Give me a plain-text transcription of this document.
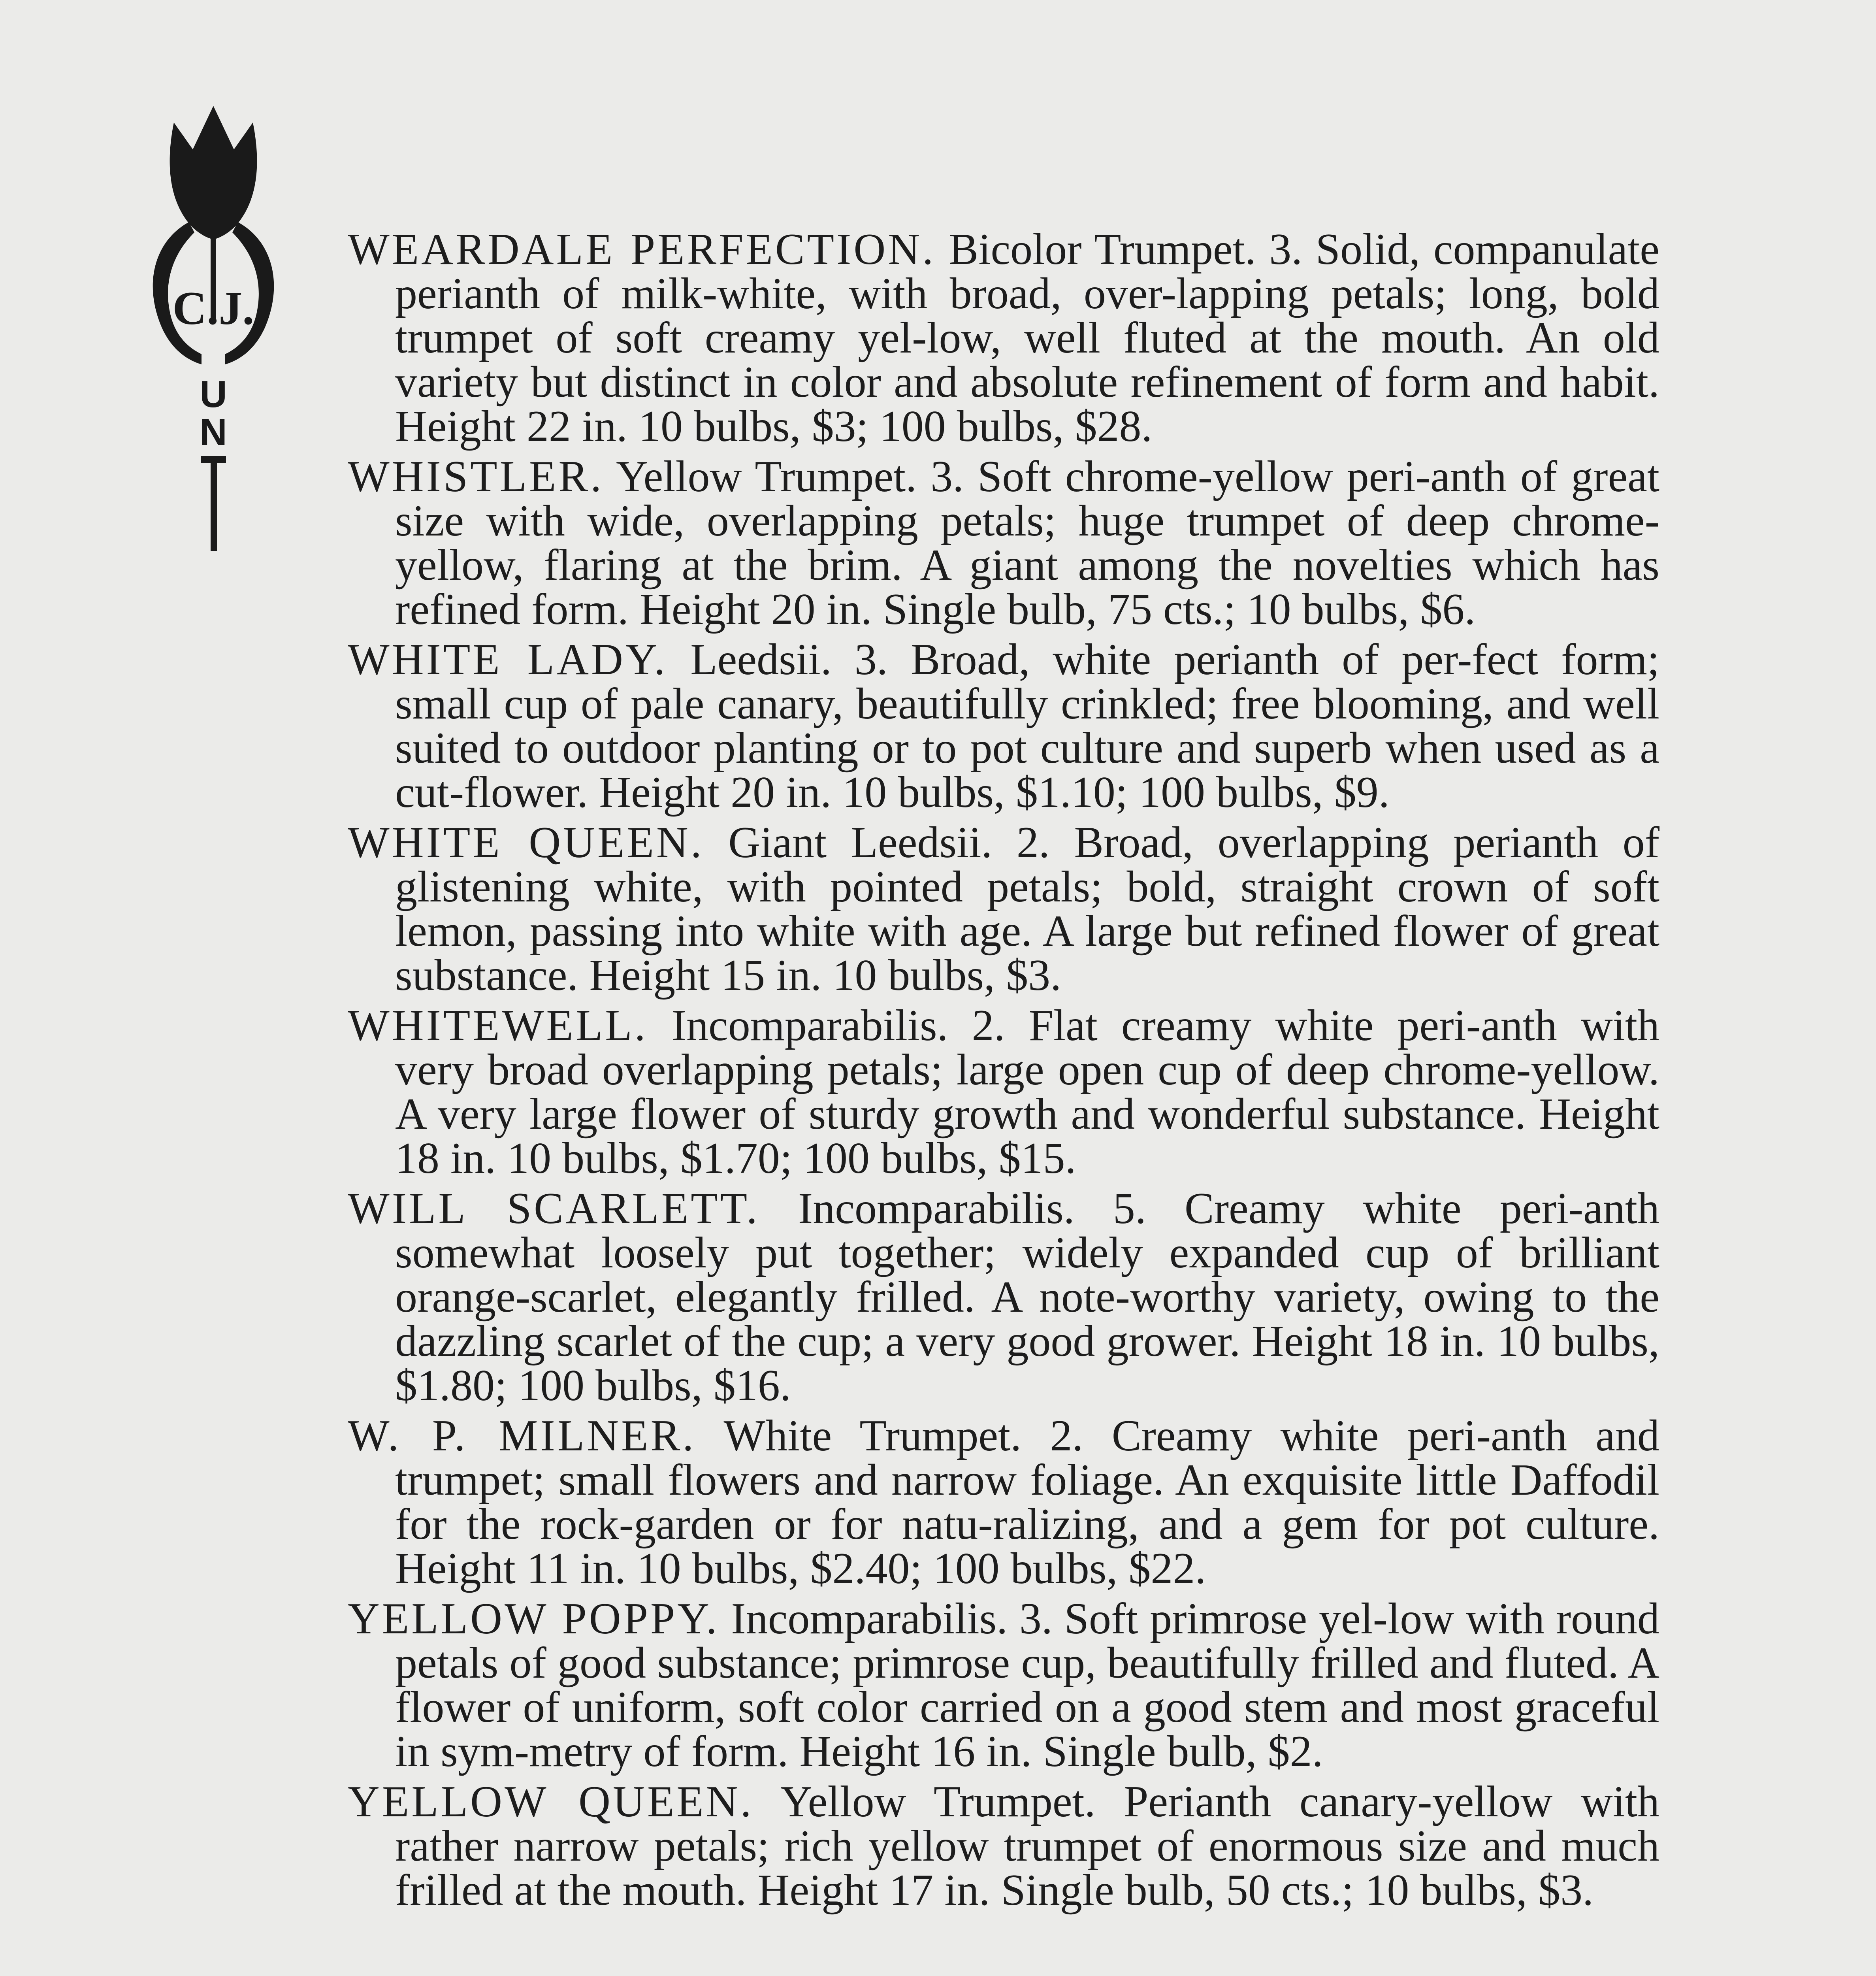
C.J.
U
N

WEARDALE PERFECTION. Bicolor Trumpet. 3. Solid, companulate perianth of milk-white, with broad, over-lapping petals; long, bold trumpet of soft creamy yel-low, well fluted at the mouth. An old variety but distinct in color and absolute refinement of form and habit. Height 22 in. 10 bulbs, $3; 100 bulbs, $28.

WHISTLER. Yellow Trumpet. 3. Soft chrome-yellow peri-anth of great size with wide, overlapping petals; huge trumpet of deep chrome-yellow, flaring at the brim. A giant among the novelties which has refined form. Height 20 in. Single bulb, 75 cts.; 10 bulbs, $6.

WHITE LADY. Leedsii. 3. Broad, white perianth of per-fect form; small cup of pale canary, beautifully crinkled; free blooming, and well suited to outdoor planting or to pot culture and superb when used as a cut-flower. Height 20 in. 10 bulbs, $1.10; 100 bulbs, $9.

WHITE QUEEN. Giant Leedsii. 2. Broad, overlapping perianth of glistening white, with pointed petals; bold, straight crown of soft lemon, passing into white with age. A large but refined flower of great substance. Height 15 in. 10 bulbs, $3.

WHITEWELL. Incomparabilis. 2. Flat creamy white peri-anth with very broad overlapping petals; large open cup of deep chrome-yellow. A very large flower of sturdy growth and wonderful substance. Height 18 in. 10 bulbs, $1.70; 100 bulbs, $15.

WILL SCARLETT. Incomparabilis. 5. Creamy white peri-anth somewhat loosely put together; widely expanded cup of brilliant orange-scarlet, elegantly frilled. A note-worthy variety, owing to the dazzling scarlet of the cup; a very good grower. Height 18 in. 10 bulbs, $1.80; 100 bulbs, $16.

W. P. MILNER. White Trumpet. 2. Creamy white peri-anth and trumpet; small flowers and narrow foliage. An exquisite little Daffodil for the rock-garden or for natu-ralizing, and a gem for pot culture. Height 11 in. 10 bulbs, $2.40; 100 bulbs, $22.

YELLOW POPPY. Incomparabilis. 3. Soft primrose yel-low with round petals of good substance; primrose cup, beautifully frilled and fluted. A flower of uniform, soft color carried on a good stem and most graceful in sym-metry of form. Height 16 in. Single bulb, $2.

YELLOW QUEEN. Yellow Trumpet. Perianth canary-yellow with rather narrow petals; rich yellow trumpet of enormous size and much frilled at the mouth. Height 17 in. Single bulb, 50 cts.; 10 bulbs, $3.
